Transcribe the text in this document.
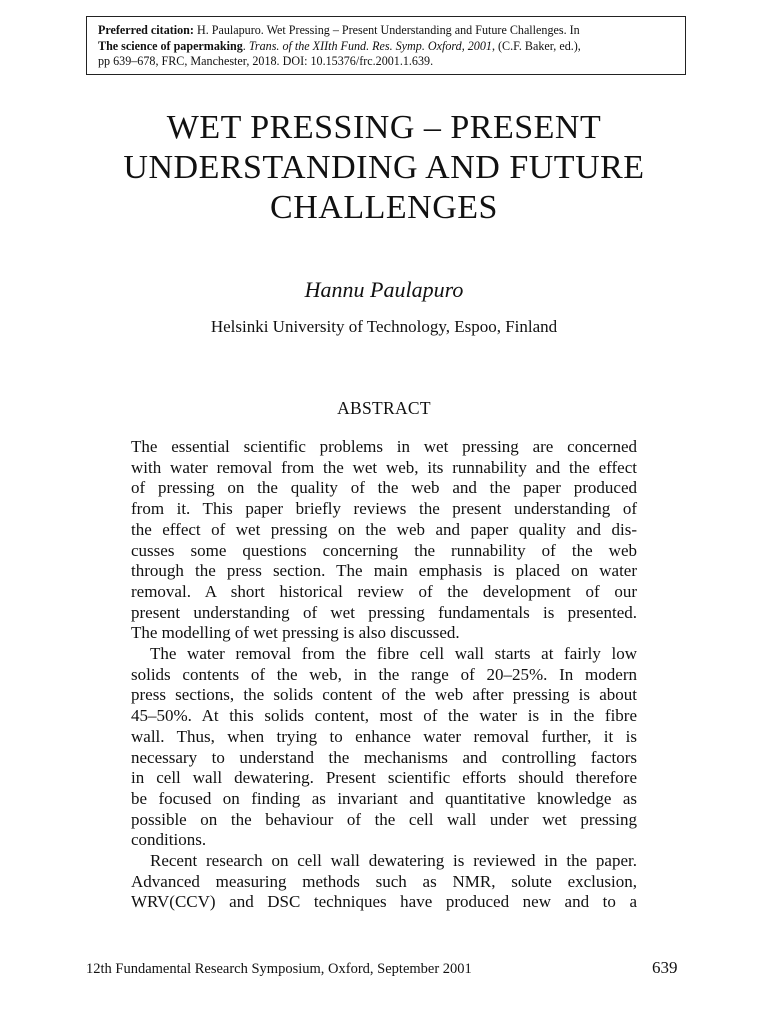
Preferred citation: H. Paulapuro. Wet Pressing – Present Understanding and Future Challenges. In
The science of papermaking. Trans. of the XIIth Fund. Res. Symp. Oxford, 2001, (C.F. Baker, ed.),
pp 639–678, FRC, Manchester, 2018. DOI: 10.15376/frc.2001.1.639.
WET PRESSING – PRESENT
UNDERSTANDING AND FUTURE
CHALLENGES
Hannu Paulapuro
Helsinki University of Technology, Espoo, Finland
ABSTRACT
The essential scientific problems in wet pressing are concerned
with water removal from the wet web, its runnability and the effect
of pressing on the quality of the web and the paper produced
from it. This paper briefly reviews the present understanding of
the effect of wet pressing on the web and paper quality and dis-
cusses some questions concerning the runnability of the web
through the press section. The main emphasis is placed on water
removal. A short historical review of the development of our
present understanding of wet pressing fundamentals is presented.
The modelling of wet pressing is also discussed.
The water removal from the fibre cell wall starts at fairly low
solids contents of the web, in the range of 20–25%. In modern
press sections, the solids content of the web after pressing is about
45–50%. At this solids content, most of the water is in the fibre
wall. Thus, when trying to enhance water removal further, it is
necessary to understand the mechanisms and controlling factors
in cell wall dewatering. Present scientific efforts should therefore
be focused on finding as invariant and quantitative knowledge as
possible on the behaviour of the cell wall under wet pressing
conditions.
Recent research on cell wall dewatering is reviewed in the paper.
Advanced measuring methods such as NMR, solute exclusion,
WRV(CCV) and DSC techniques have produced new and to a
12th Fundamental Research Symposium, Oxford, September 2001	639
